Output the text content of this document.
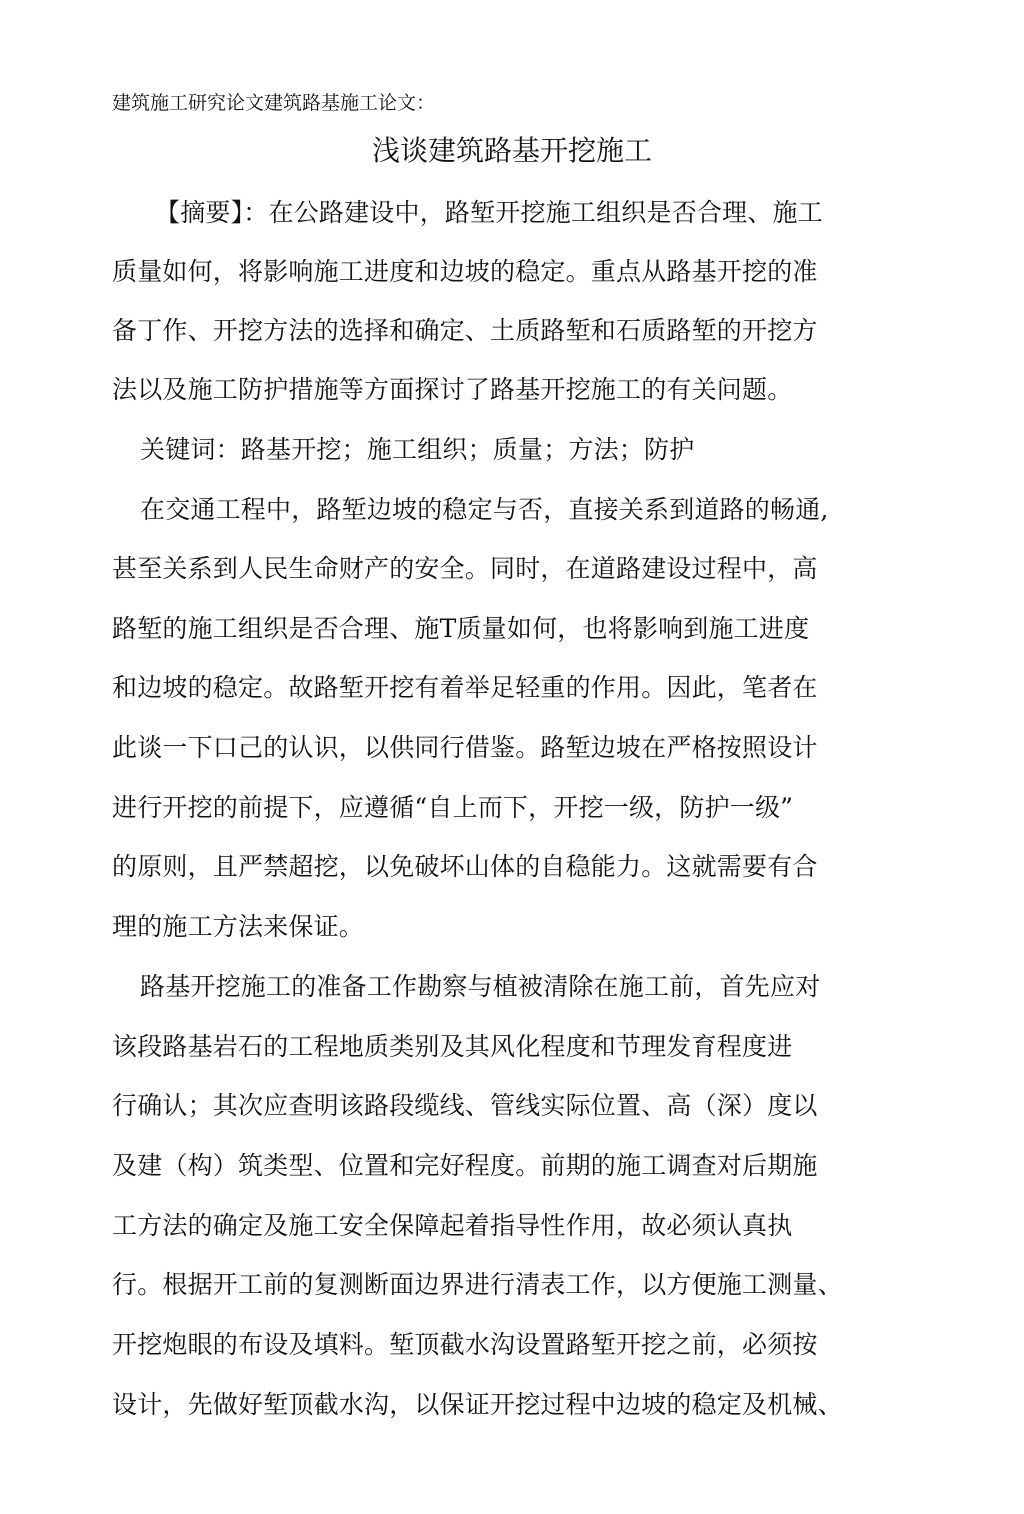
建筑施工研究论文建筑路基施工论文：
浅谈建筑路基开挖施工
【摘要】：在公路建设中，路堑开挖施工组织是否合理、施工
质量如何，将影响施工进度和边坡的稳定。重点从路基开挖的准
备丁作、开挖方法的选择和确定、土质路堑和石质路堑的开挖方
法以及施工防护措施等方面探讨了路基开挖施工的有关问题。
关键词：路基开挖；施工组织；质量；方法；防护
在交通工程中，路堑边坡的稳定与否，直接关系到道路的畅通,
甚至关系到人民生命财产的安全。同时，在道路建设过程中，高
路堑的施工组织是否合理、施T质量如何，也将影响到施工进度
和边坡的稳定。故路堑开挖有着举足轻重的作用。因此，笔者在
此谈一下口己的认识，以供同行借鉴。路堑边坡在严格按照设计
进行开挖的前提下，应遵循“自上而下，开挖一级，防护一级”
的原则，且严禁超挖，以免破坏山体的自稳能力。这就需要有合
理的施工方法来保证。
路基开挖施工的准备工作勘察与植被清除在施工前，首先应对
该段路基岩石的工程地质类别及其风化程度和节理发育程度进
行确认；其次应查明该路段缆线、管线实际位置、高（深）度以
及建（构）筑类型、位置和完好程度。前期的施工调查对后期施
工方法的确定及施工安全保障起着指导性作用，故必须认真执
行。根据开工前的复测断面边界进行清表工作，以方便施工测量、
开挖炮眼的布设及填料。堑顶截水沟设置路堑开挖之前，必须按
设计，先做好堑顶截水沟，以保证开挖过程中边坡的稳定及机械、
